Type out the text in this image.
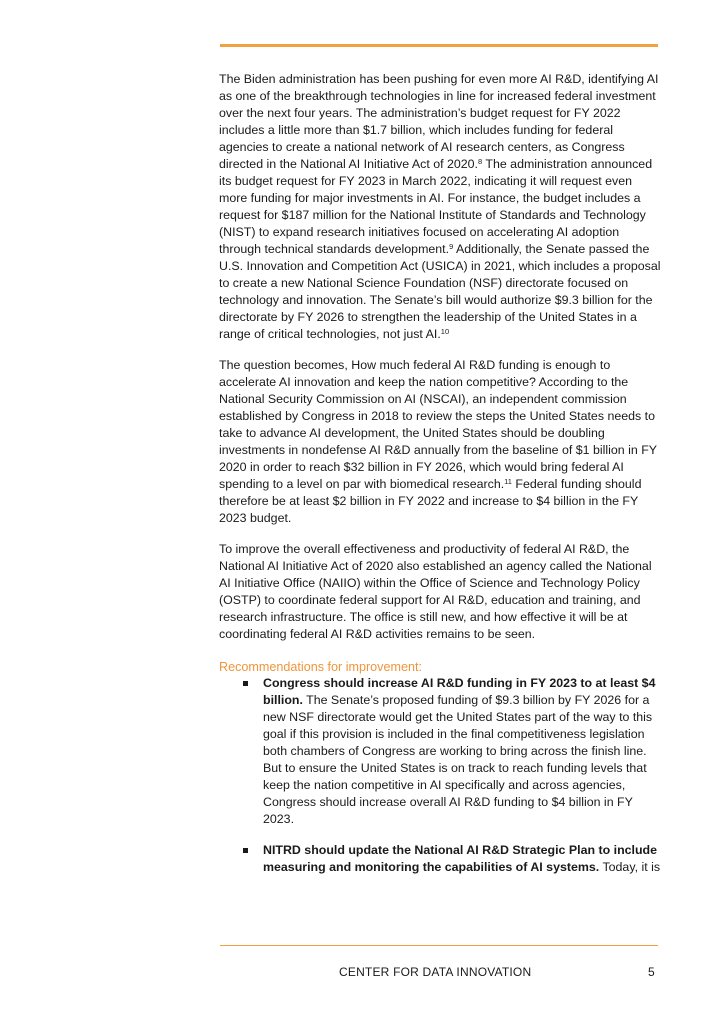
The Biden administration has been pushing for even more AI R&D, identifying AI as one of the breakthrough technologies in line for increased federal investment over the next four years. The administration’s budget request for FY 2022 includes a little more than $1.7 billion, which includes funding for federal agencies to create a national network of AI research centers, as Congress directed in the National AI Initiative Act of 2020.$^8$ The administration announced its budget request for FY 2023 in March 2022, indicating it will request even more funding for major investments in AI. For instance, the budget includes a request for $187 million for the National Institute of Standards and Technology (NIST) to expand research initiatives focused on accelerating AI adoption through technical standards development.$^9$ Additionally, the Senate passed the U.S. Innovation and Competition Act (USICA) in 2021, which includes a proposal to create a new National Science Foundation (NSF) directorate focused on technology and innovation. The Senate’s bill would authorize $9.3 billion for the directorate by FY 2026 to strengthen the leadership of the United States in a range of critical technologies, not just AI.$^{10}$

The question becomes, How much federal AI R&D funding is enough to accelerate AI innovation and keep the nation competitive? According to the National Security Commission on AI (NSCAI), an independent commission established by Congress in 2018 to review the steps the United States needs to take to advance AI development, the United States should be doubling investments in nondefense AI R&D annually from the baseline of $1 billion in FY 2020 in order to reach $32 billion in FY 2026, which would bring federal AI spending to a level on par with biomedical research.$^{11}$ Federal funding should therefore be at least $2 billion in FY 2022 and increase to $4 billion in the FY 2023 budget.

To improve the overall effectiveness and productivity of federal AI R&D, the National AI Initiative Act of 2020 also established an agency called the National AI Initiative Office (NAIIO) within the Office of Science and Technology Policy (OSTP) to coordinate federal support for AI R&D, education and training, and research infrastructure. The office is still new, and how effective it will be at coordinating federal AI R&D activities remains to be seen.

Recommendations for improvement:
Congress should increase AI R&D funding in FY 2023 to at least $4 billion. The Senate’s proposed funding of $9.3 billion by FY 2026 for a new NSF directorate would get the United States part of the way to this goal if this provision is included in the final competitiveness legislation both chambers of Congress are working to bring across the finish line. But to ensure the United States is on track to reach funding levels that keep the nation competitive in AI specifically and across agencies, Congress should increase overall AI R&D funding to $4 billion in FY 2023.
NITRD should update the National AI R&D Strategic Plan to include measuring and monitoring the capabilities of AI systems. Today, it is
CENTER FOR DATA INNOVATION	5
